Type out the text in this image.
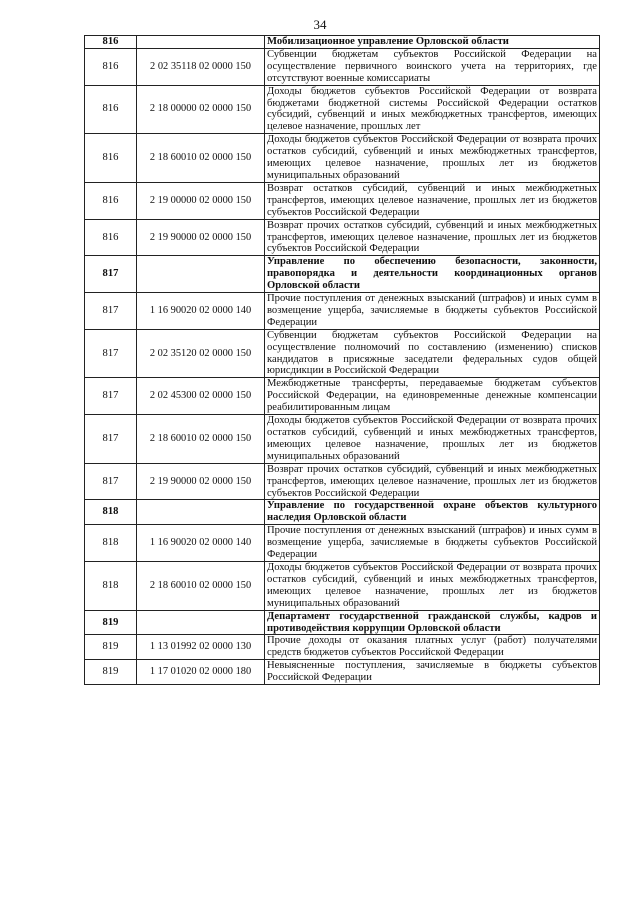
34
816		Мобилизационное управление Орловской области
816	2 02 35118 02 0000 150	Субвенции бюджетам субъектов Российской Федерации на осуществление первичного воинского учета на территориях, где отсутствуют военные комиссариаты
816	2 18 00000 02 0000 150	Доходы бюджетов субъектов Российской Федерации от возврата бюджетами бюджетной системы Российской Федерации остатков субсидий, субвенций и иных межбюджетных трансфертов, имеющих целевое назначение, прошлых лет
816	2 18 60010 02 0000 150	Доходы бюджетов субъектов Российской Федерации от возврата прочих остатков субсидий, субвенций и иных межбюджетных трансфертов, имеющих целевое назначение, прошлых лет из бюджетов муниципальных образований
816	2 19 00000 02 0000 150	Возврат остатков субсидий, субвенций и иных межбюджетных трансфертов, имеющих целевое назначение, прошлых лет из бюджетов субъектов Российской Федерации
816	2 19 90000 02 0000 150	Возврат прочих остатков субсидий, субвенций и иных межбюджетных трансфертов, имеющих целевое назначение, прошлых лет из бюджетов субъектов Российской Федерации
817		Управление по обеспечению безопасности, законности, правопорядка и деятельности координационных органов Орловской области
817	1 16 90020 02 0000 140	Прочие поступления от денежных взысканий (штрафов) и иных сумм в возмещение ущерба, зачисляемые в бюджеты субъектов Российской Федерации
817	2 02 35120 02 0000 150	Субвенции бюджетам субъектов Российской Федерации на осуществление полномочий по составлению (изменению) списков кандидатов в присяжные заседатели федеральных судов общей юрисдикции в Российской Федерации
817	2 02 45300 02 0000 150	Межбюджетные трансферты, передаваемые бюджетам субъектов Российской Федерации, на единовременные денежные компенсации реабилитированным лицам
817	2 18 60010 02 0000 150	Доходы бюджетов субъектов Российской Федерации от возврата прочих остатков субсидий, субвенций и иных межбюджетных трансфертов, имеющих целевое назначение, прошлых лет из бюджетов муниципальных образований
817	2 19 90000 02 0000 150	Возврат прочих остатков субсидий, субвенций и иных межбюджетных трансфертов, имеющих целевое назначение, прошлых лет из бюджетов субъектов Российской Федерации
818		Управление по государственной охране объектов культурного наследия Орловской области
818	1 16 90020 02 0000 140	Прочие поступления от денежных взысканий (штрафов) и иных сумм в возмещение ущерба, зачисляемые в бюджеты субъектов Российской Федерации
818	2 18 60010 02 0000 150	Доходы бюджетов субъектов Российской Федерации от возврата прочих остатков субсидий, субвенций и иных межбюджетных трансфертов, имеющих целевое назначение, прошлых лет из бюджетов муниципальных образований
819		Департамент государственной гражданской службы, кадров и противодействия коррупции Орловской области
819	1 13 01992 02 0000 130	Прочие доходы от оказания платных услуг (работ) получателями средств бюджетов субъектов Российской Федерации
819	1 17 01020 02 0000 180	Невыясненные поступления, зачисляемые в бюджеты субъектов Российской Федерации
